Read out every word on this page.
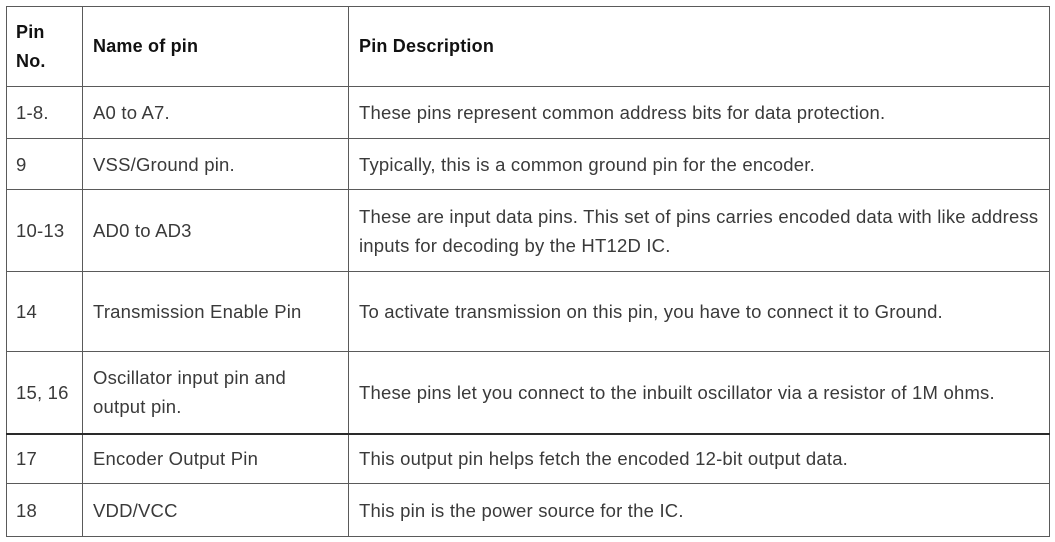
Pin No.	Name of pin	Pin Description
1-8.	A0 to A7.	These pins represent common address bits for data protection.
9	VSS/Ground pin.	Typically, this is a common ground pin for the encoder.
10-13	AD0 to AD3	These are input data pins. This set of pins carries encoded data with like address inputs for decoding by the HT12D IC.
14	Transmission Enable Pin	To activate transmission on this pin, you have to connect it to Ground.
15, 16	Oscillator input pin and output pin.	These pins let you connect to the inbuilt oscillator via a resistor of 1M ohms.
17	Encoder Output Pin	This output pin helps fetch the encoded 12-bit output data.
18	VDD/VCC	This pin is the power source for the IC.
